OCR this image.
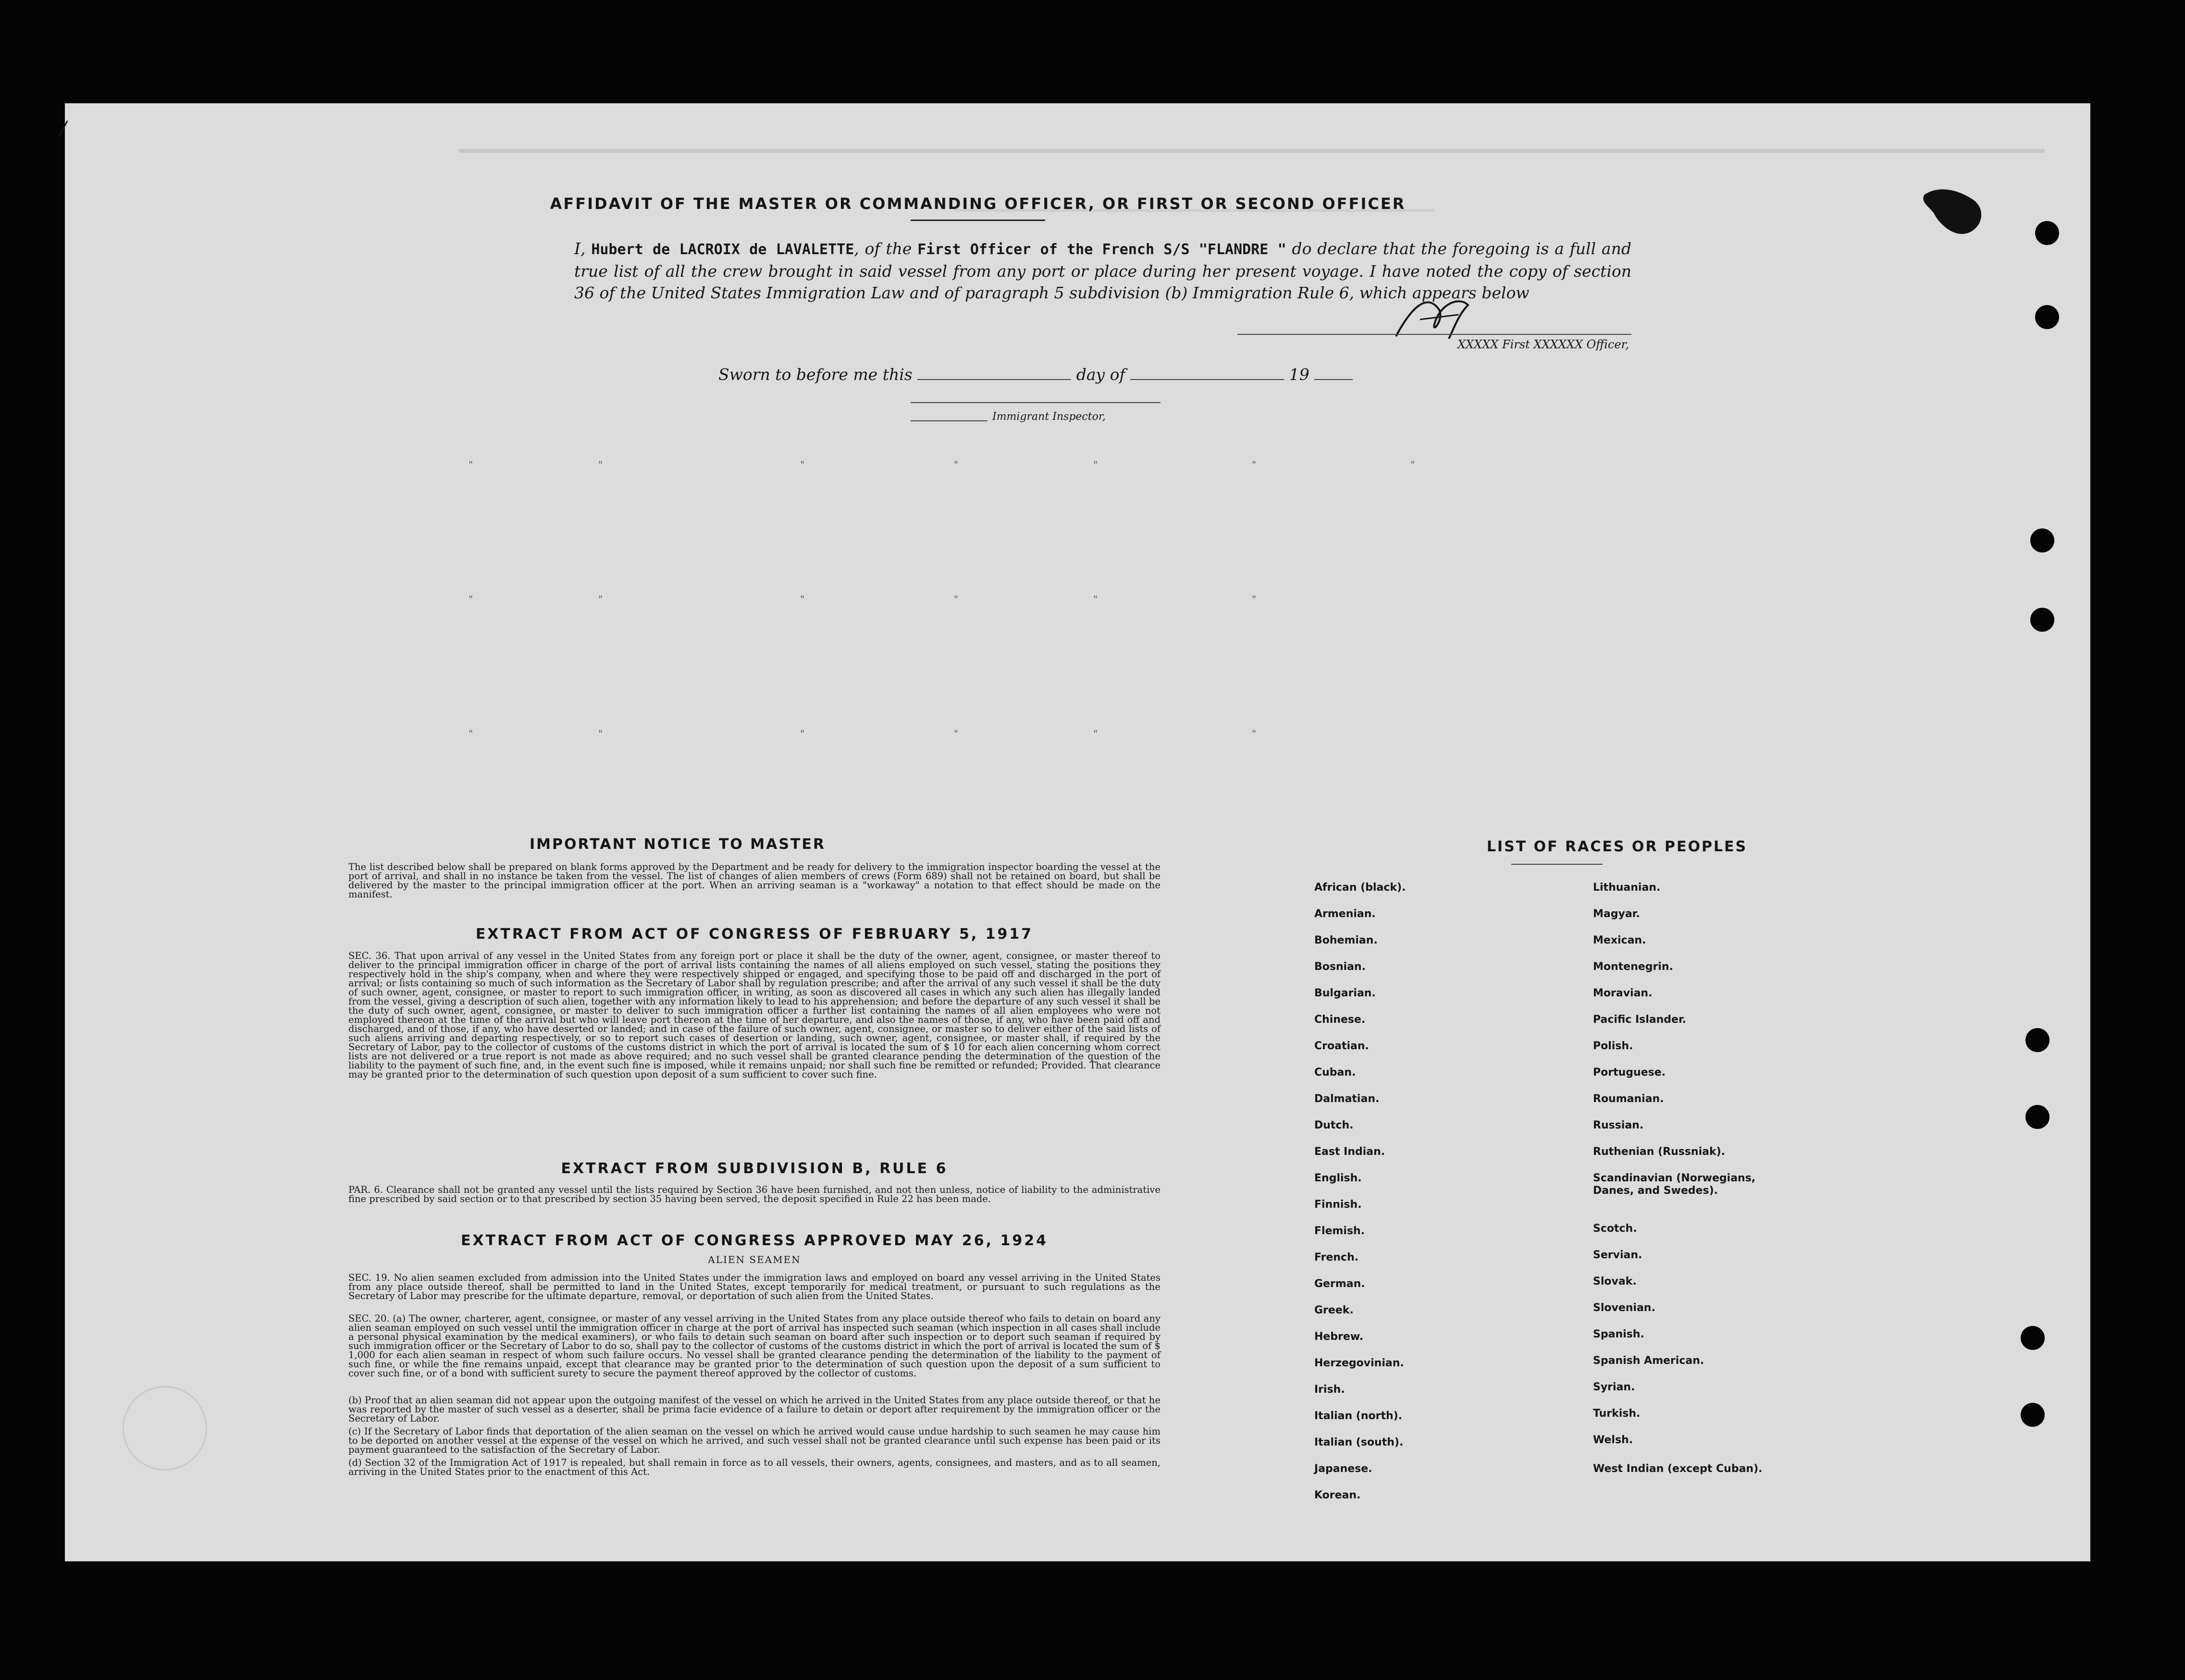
/
AFFIDAVIT OF THE MASTER OR COMMANDING OFFICER, OR FIRST OR SECOND OFFICER
I, Hubert de LACROIX de LAVALETTE, of the First Officer of the French S/S "FLANDRE " do declare that the foregoing is a full and true list of all the crew brought in said vessel from any port or place during her present voyage. I have noted the copy of section 36 of the United States Immigration Law and of paragraph 5 subdivision (b) Immigration Rule 6, which appears below
XXXXX First XXXXXX Officer,
Sworn to before me this	day of	19
Immigrant Inspector,
"	"	"	"	"	"	"
"	"	"	"	"	"
"	"	"	"	"	"
IMPORTANT NOTICE TO MASTER
The list described below shall be prepared on blank forms approved by the Department and be ready for delivery to the immigration inspector boarding the vessel at the port of arrival, and shall in no instance be taken from the vessel. The list of changes of alien members of crews (Form 689) shall not be retained on board, but shall be delivered by the master to the principal immigration officer at the port. When an arriving seaman is a "workaway" a notation to that effect should be made on the manifest.
EXTRACT FROM ACT OF CONGRESS OF FEBRUARY 5, 1917
SEC. 36. That upon arrival of any vessel in the United States from any foreign port or place it shall be the duty of the owner, agent, consignee, or master thereof to deliver to the principal immigration officer in charge of the port of arrival lists containing the names of all aliens employed on such vessel, stating the positions they respectively hold in the ship's company, when and where they were respectively shipped or engaged, and specifying those to be paid off and discharged in the port of arrival; or lists containing so much of such information as the Secretary of Labor shall by regulation prescribe; and after the arrival of any such vessel it shall be the duty of such owner, agent, consignee, or master to report to such immigration officer, in writing, as soon as discovered all cases in which any such alien has illegally landed from the vessel, giving a description of such alien, together with any information likely to lead to his apprehension; and before the departure of any such vessel it shall be the duty of such owner, agent, consignee, or master to deliver to such immigration officer a further list containing the names of all alien employees who were not employed thereon at the time of the arrival but who will leave port thereon at the time of her departure, and also the names of those, if any, who have been paid off and discharged, and of those, if any, who have deserted or landed; and in case of the failure of such owner, agent, consignee, or master so to deliver either of the said lists of such aliens arriving and departing respectively, or so to report such cases of desertion or landing, such owner, agent, consignee, or master shall, if required by the Secretary of Labor, pay to the collector of customs of the customs district in which the port of arrival is located the sum of $ 10 for each alien concerning whom correct lists are not delivered or a true report is not made as above required; and no such vessel shall be granted clearance pending the determination of the question of the liability to the payment of such fine, and, in the event such fine is imposed, while it remains unpaid; nor shall such fine be remitted or refunded; Provided. That clearance may be granted prior to the determination of such question upon deposit of a sum sufficient to cover such fine.
EXTRACT FROM SUBDIVISION B, RULE 6
PAR. 6. Clearance shall not be granted any vessel until the lists required by Section 36 have been furnished, and not then unless, notice of liability to the administrative fine prescribed by said section or to that prescribed by section 35 having been served, the deposit specified in Rule 22 has been made.
EXTRACT FROM ACT OF CONGRESS APPROVED MAY 26, 1924
ALIEN SEAMEN
SEC. 19. No alien seamen excluded from admission into the United States under the immigration laws and employed on board any vessel arriving in the United States from any place outside thereof, shall be permitted to land in the United States, except temporarily for medical treatment, or pursuant to such regulations as the Secretary of Labor may prescribe for the ultimate departure, removal, or deportation of such alien from the United States.
SEC. 20. (a) The owner, charterer, agent, consignee, or master of any vessel arriving in the United States from any place outside thereof who fails to detain on board any alien seaman employed on such vessel until the immigration officer in charge at the port of arrival has inspected such seaman (which inspection in all cases shall include a personal physical examination by the medical examiners), or who fails to detain such seaman on board after such inspection or to deport such seaman if required by such immigration officer or the Secretary of Labor to do so, shall pay to the collector of customs of the customs district in which the port of arrival is located the sum of $ 1,000 for each alien seaman in respect of whom such failure occurs. No vessel shall be granted clearance pending the determination of the liability to the payment of such fine, or while the fine remains unpaid, except that clearance may be granted prior to the determination of such question upon the deposit of a sum sufficient to cover such fine, or of a bond with sufficient surety to secure the payment thereof approved by the collector of customs.
(b) Proof that an alien seaman did not appear upon the outgoing manifest of the vessel on which he arrived in the United States from any place outside thereof, or that he was reported by the master of such vessel as a deserter, shall be prima facie evidence of a failure to detain or deport after requirement by the immigration officer or the Secretary of Labor.
(c) If the Secretary of Labor finds that deportation of the alien seaman on the vessel on which he arrived would cause undue hardship to such seamen he may cause him to be deported on another vessel at the expense of the vessel on which he arrived, and such vessel shall not be granted clearance until such expense has been paid or its payment guaranteed to the satisfaction of the Secretary of Labor.
(d) Section 32 of the Immigration Act of 1917 is repealed, but shall remain in force as to all vessels, their owners, agents, consignees, and masters, and as to all seamen, arriving in the United States prior to the enactment of this Act.
LIST OF RACES OR PEOPLES
African (black).
Armenian.
Bohemian.
Bosnian.
Bulgarian.
Chinese.
Croatian.
Cuban.
Dalmatian.
Dutch.
East Indian.
English.
Finnish.
Flemish.
French.
German.
Greek.
Hebrew.
Herzegovinian.
Irish.
Italian (north).
Italian (south).
Japanese.
Korean.
Lithuanian.
Magyar.
Mexican.
Montenegrin.
Moravian.
Pacific Islander.
Polish.
Portuguese.
Roumanian.
Russian.
Ruthenian (Russniak).
Scandinavian (Norwegians, Danes, and Swedes).
Scotch.
Servian.
Slovak.
Slovenian.
Spanish.
Spanish American.
Syrian.
Turkish.
Welsh.
West Indian (except Cuban).
